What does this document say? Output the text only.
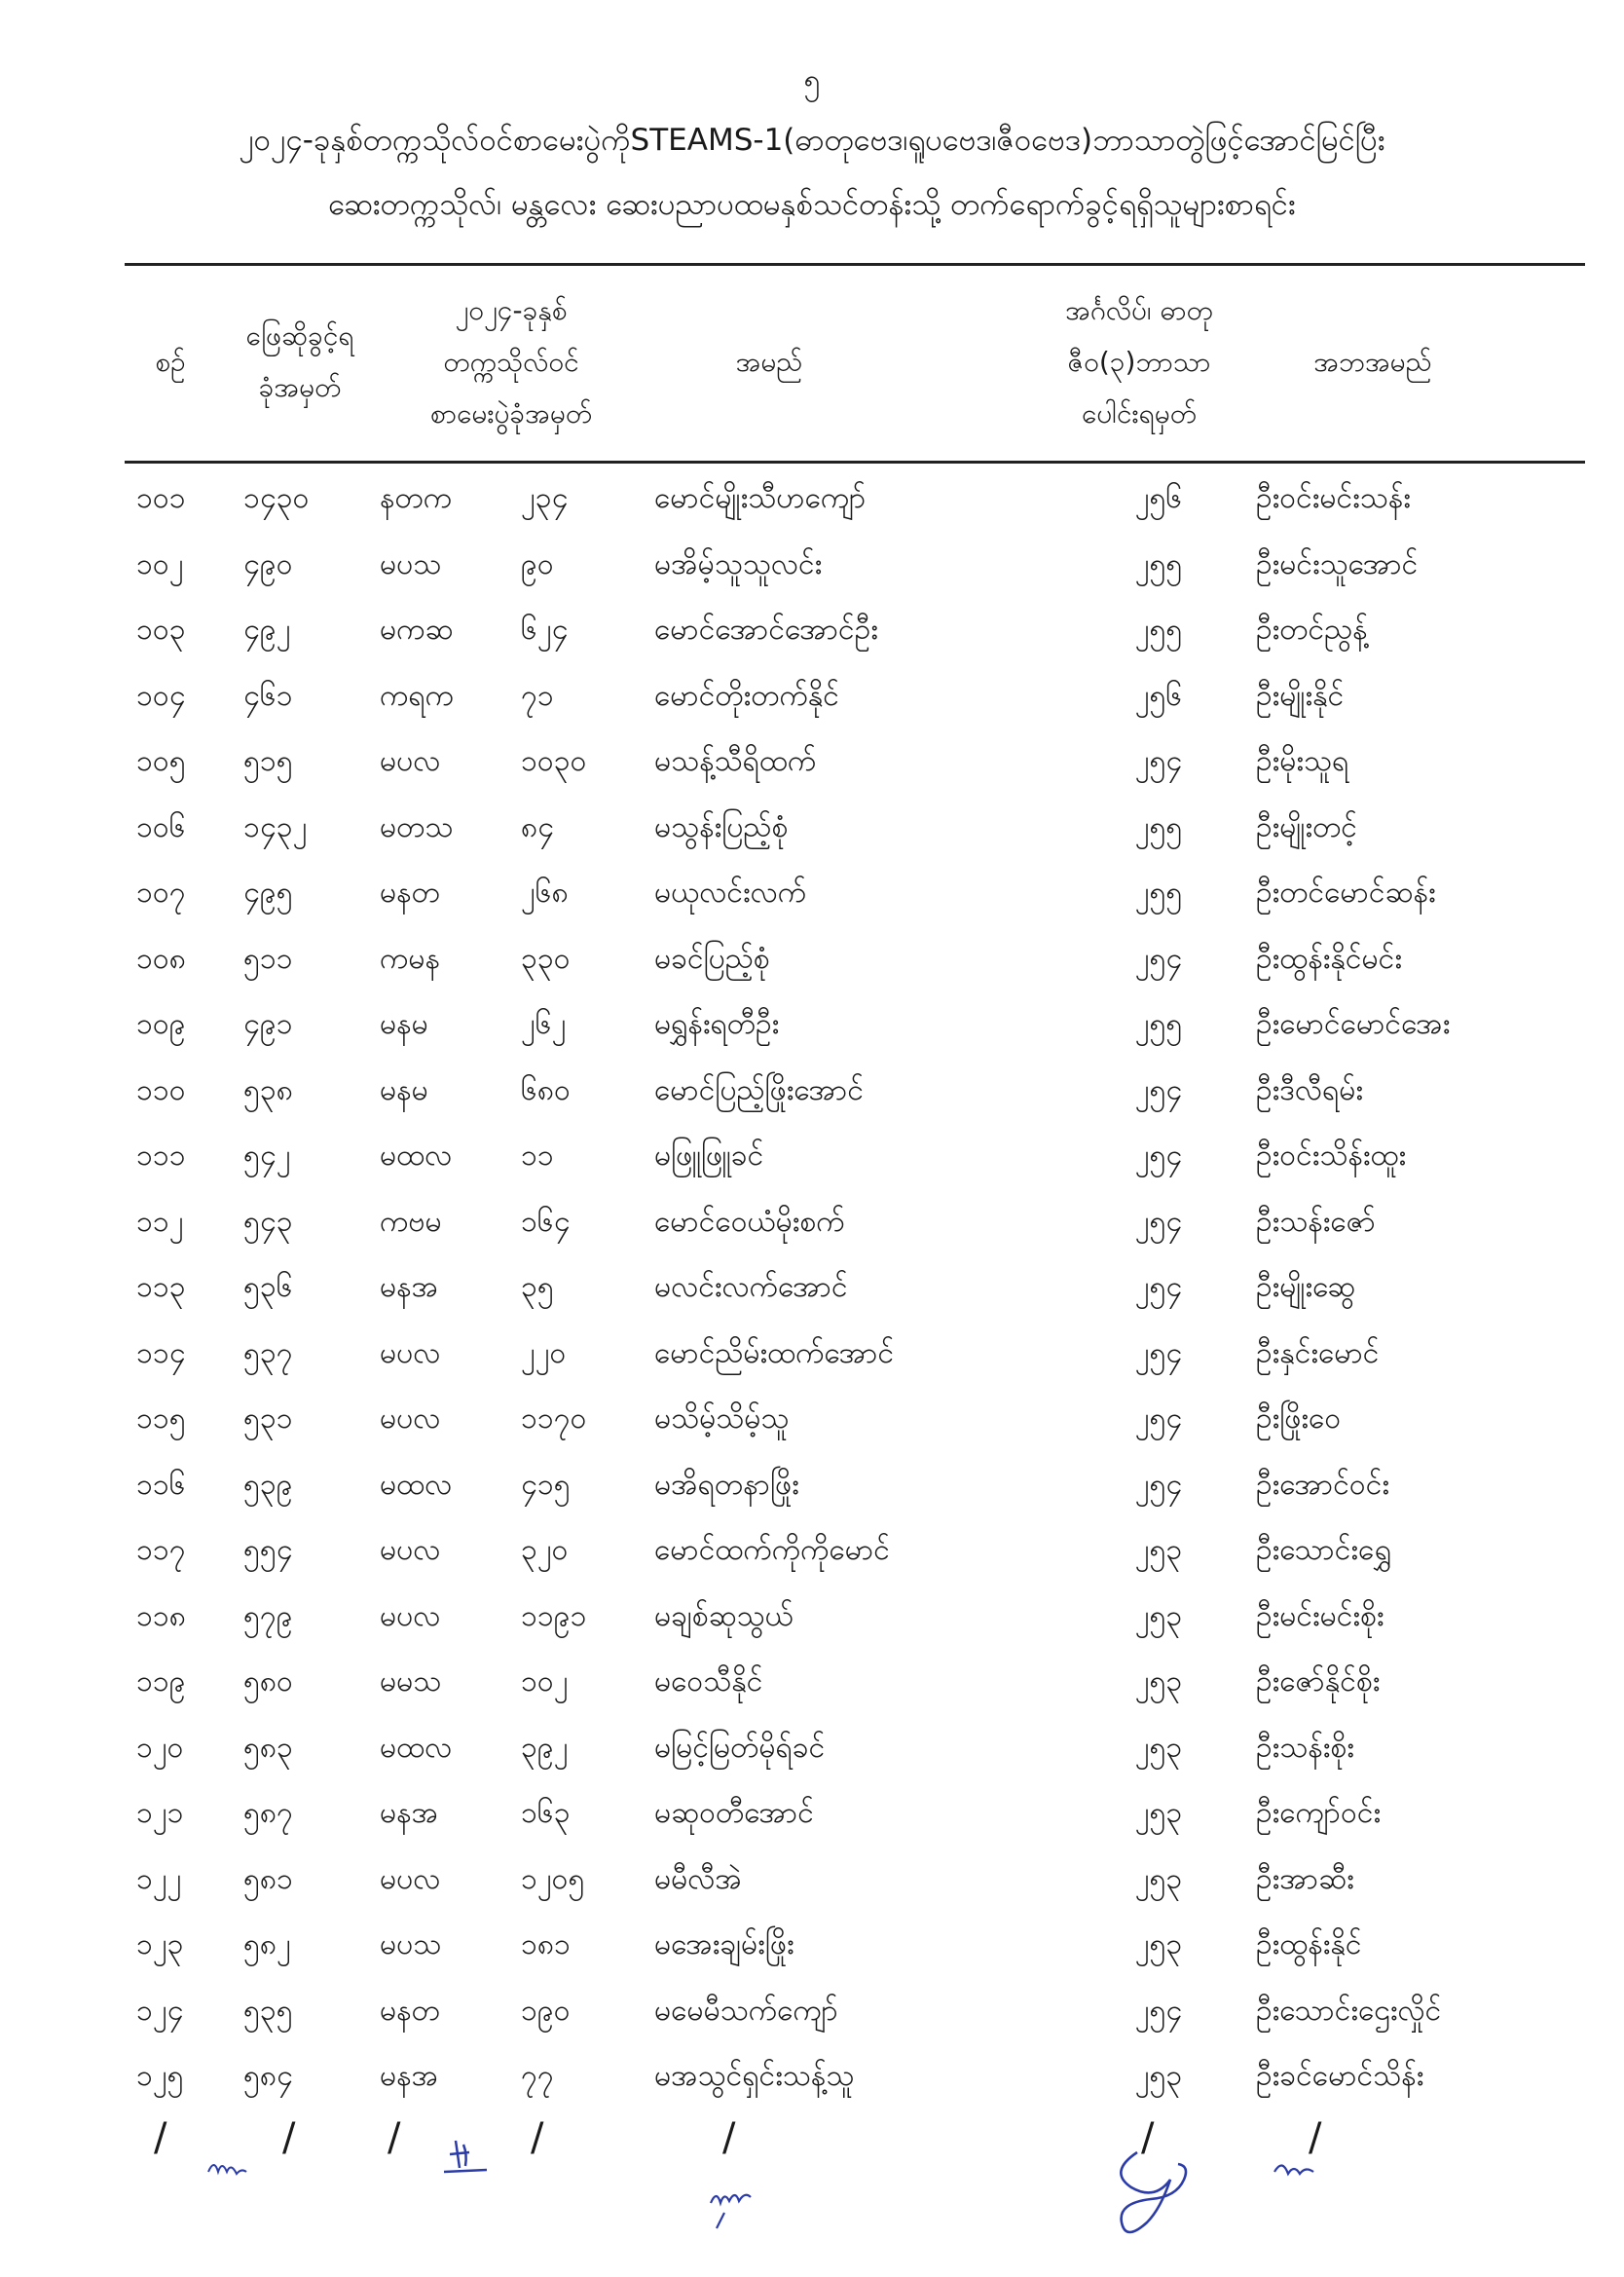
၅
၂၀၂၄-ခုနှစ်တက္ကသိုလ်ဝင်စာမေးပွဲကိုSTEAMS-1(ဓာတုဗေဒ၊ရူပဗေဒ၊ဇီဝဗေဒ)ဘာသာတွဲဖြင့်အောင်မြင်ပြီး
ဆေးတက္ကသိုလ်၊ မန္တလေး ဆေးပညာပထမနှစ်သင်တန်းသို့ တက်ရောက်ခွင့်ရရှိသူများစာရင်း
စဉ်
ဖြေဆိုခွင့်ရ
ခုံအမှတ်
၂၀၂၄-ခုနှစ်
တက္ကသိုလ်ဝင်
စာမေးပွဲခုံအမှတ်
အမည်
အင်္ဂလိပ်၊ ဓာတု
ဇီဝ(၃)ဘာသာ
ပေါင်းရမှတ်
အဘအမည်
၁၀၁ ၁၄၃၀ နတက ၂၃၄	မောင်မျိုးသီဟကျော်	၂၅၆	ဦးဝင်းမင်းသန်း
၁၀၂ ၄၉၀	မပသ	၉၀	မအိမ့်သူသူလင်း	၂၅၅	ဦးမင်းသူအောင်
၁၀၃ ၄၉၂	မကဆ ၆၂၄	မောင်အောင်အောင်ဦး	၂၅၅	ဦးတင်ညွန့်
၁၀၄ ၄၆၁	ကရက ၇၁	မောင်တိုးတက်နိုင်	၂၅၆	ဦးမျိုးနိုင်
၁၀၅ ၅၁၅	မပလ	၁၀၃၀ မသန့်သီရိထက်	၂၅၄	ဦးမိုးသူရ
၁၀၆ ၁၄၃၂ မတသ ၈၄	မသွန်းပြည့်စုံ	၂၅၅	ဦးမျိုးတင့်
၁၀၇ ၄၉၅	မနတ	၂၆၈	မယုလင်းလက်	၂၅၅	ဦးတင်မောင်ဆန်း
၁၀၈ ၅၁၁	ကမန	၃၃၀	မခင်ပြည့်စုံ	၂၅၄	ဦးထွန်းနိုင်မင်း
၁၀၉ ၄၉၁	မနမ	၂၆၂	မရွှန်းရတီဦး	၂၅၅	ဦးမောင်မောင်အေး
၁၁၀ ၅၃၈	မနမ	၆၈၀	မောင်ပြည့်ဖြိုးအောင်	၂၅၄	ဦးဒီလီရမ်း
၁၁၁ ၅၄၂	မထလ ၁၁	မဖြူဖြူခင်	၂၅၄	ဦးဝင်းသိန်းထူး
၁၁၂ ၅၄၃	ကဗမ	၁၆၄	မောင်ဝေယံမိုးစက်	၂၅၄	ဦးသန်းဇော်
၁၁၃ ၅၃၆	မနအ	၃၅	မလင်းလက်အောင်	၂၅၄	ဦးမျိုးဆွေ
၁၁၄ ၅၃၇	မပလ	၂၂၀	မောင်ညိမ်းထက်အောင်	၂၅၄	ဦးနှင်းမောင်
၁၁၅ ၅၃၁	မပလ	၁၁၇၀ မသိမ့်သိမ့်သူ	၂၅၄	ဦးဖြိုးဝေ
၁၁၆ ၅၃၉	မထလ ၄၁၅	မအိရတနာဖြိုး	၂၅၄	ဦးအောင်ဝင်း
၁၁၇ ၅၅၄	မပလ	၃၂၀	မောင်ထက်ကိုကိုမောင်	၂၅၃	ဦးသောင်းရွှေ
၁၁၈ ၅၇၉	မပလ	၁၁၉၁ မချစ်ဆုသွယ်	၂၅၃	ဦးမင်းမင်းစိုး
၁၁၉ ၅၈၀	မမသ	၁၀၂	မဝေသီနိုင်	၂၅၃	ဦးဇော်နိုင်စိုး
၁၂၀ ၅၈၃	မထလ ၃၉၂	မမြင့်မြတ်မိုရ်ခင်	၂၅၃	ဦးသန်းစိုး
၁၂၁ ၅၈၇	မနအ	၁၆၃	မဆုဝတီအောင်	၂၅၃	ဦးကျော်ဝင်း
၁၂၂ ၅၈၁	မပလ	၁၂၀၅ မမီလီအဲ	၂၅၃	ဦးအာဆီး
၁၂၃ ၅၈၂	မပသ	၁၈၁	မအေးချမ်းဖြိုး	၂၅၃	ဦးထွန်းနိုင်
၁၂၄ ၅၃၅	မနတ	၁၉၀	မမေမီသက်ကျော်	၂၅၄	ဦးသောင်းဌေးလှိုင်
၁၂၅ ၅၈၄	မနအ	၇၇	မအသွင်ရှင်းသန့်သူ	၂၅၃	ဦးခင်မောင်သိန်း
/	/ /	/	/	/	/
